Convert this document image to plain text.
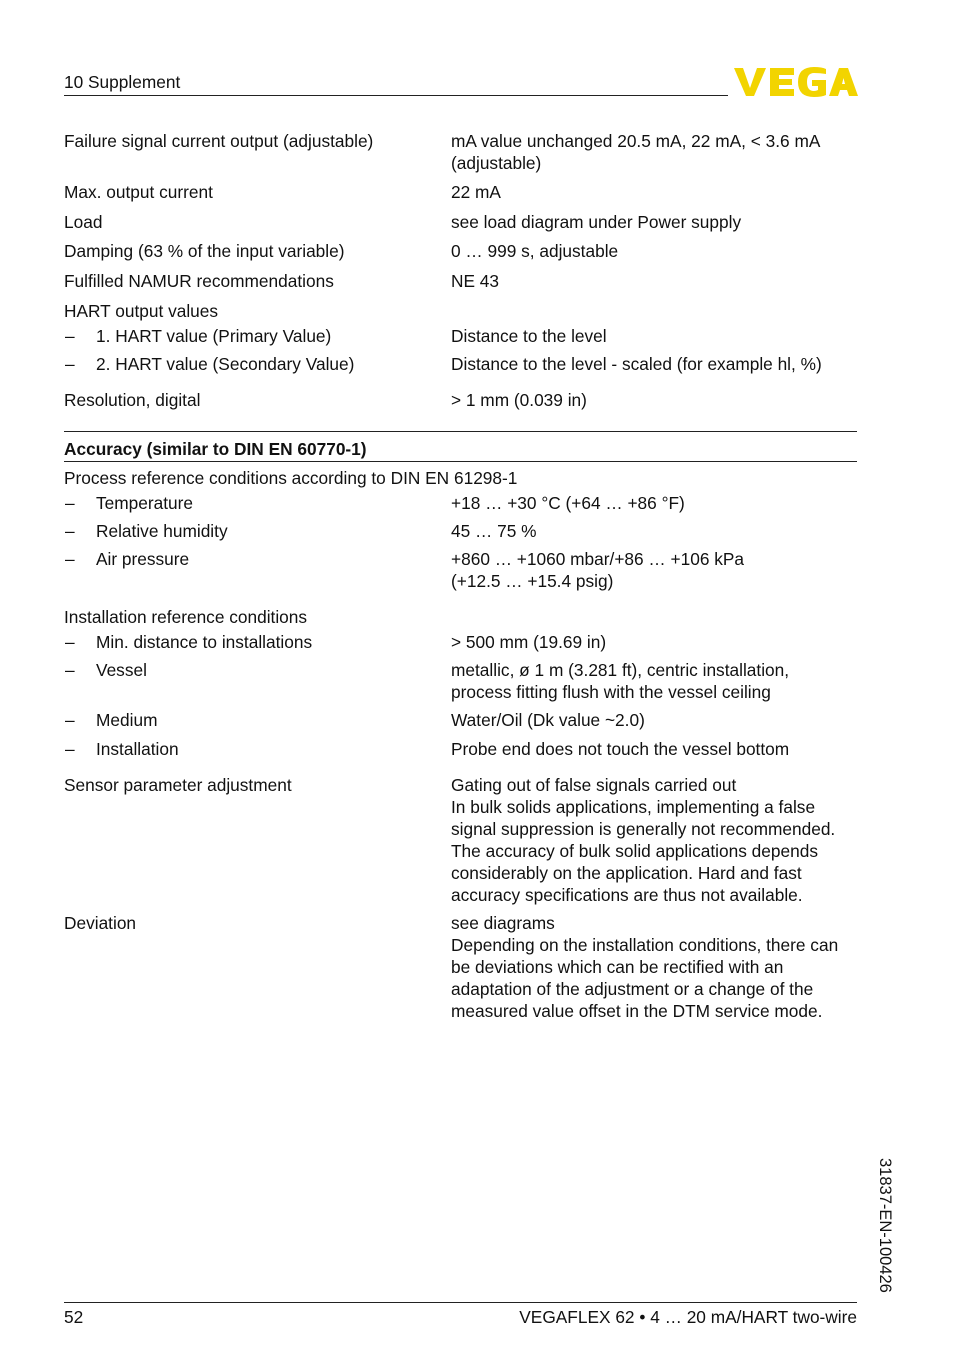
10 Supplement
Failure signal current output (adjustable)	mA value unchanged 20.5 mA, 22 mA, < 3.6 mA
(adjustable)
Max. output current	22 mA
Load	see load diagram under Power supply
Damping (63 % of the input variable)	0 … 999 s, adjustable
Fulfilled NAMUR recommendations	NE 43
HART output values
– 1. HART value (Primary Value)	Distance to the level
– 2. HART value (Secondary Value)	Distance to the level - scaled (for example hl, %)
Resolution, digital	> 1 mm (0.039 in)
Accuracy (similar to DIN EN 60770-1)
Process reference conditions according to DIN EN 61298-1
– Temperature	+18 … +30 °C (+64 … +86 °F)
– Relative humidity	45 … 75 %
– Air pressure	+860 … +1060 mbar/+86 … +106 kPa
(+12.5 … +15.4 psig)
Installation reference conditions
– Min. distance to installations	> 500 mm (19.69 in)
– Vessel	metallic, ø 1 m (3.281 ft), centric installation,
process fitting flush with the vessel ceiling
– Medium	Water/Oil (Dk value ~2.0)
– Installation	Probe end does not touch the vessel bottom
Sensor parameter adjustment	Gating out of false signals carried out
In bulk solids applications, implementing a false
signal suppression is generally not recommended.
The accuracy of bulk solid applications depends
considerably on the application. Hard and fast
accuracy specifications are thus not available.
Deviation	see diagrams
Depending on the installation conditions, there can
be deviations which can be rectified with an
adaptation of the adjustment or a change of the
measured value offset in the DTM service mode.
31837-EN-100426
52	VEGAFLEX 62 • 4 … 20 mA/HART two-wire
